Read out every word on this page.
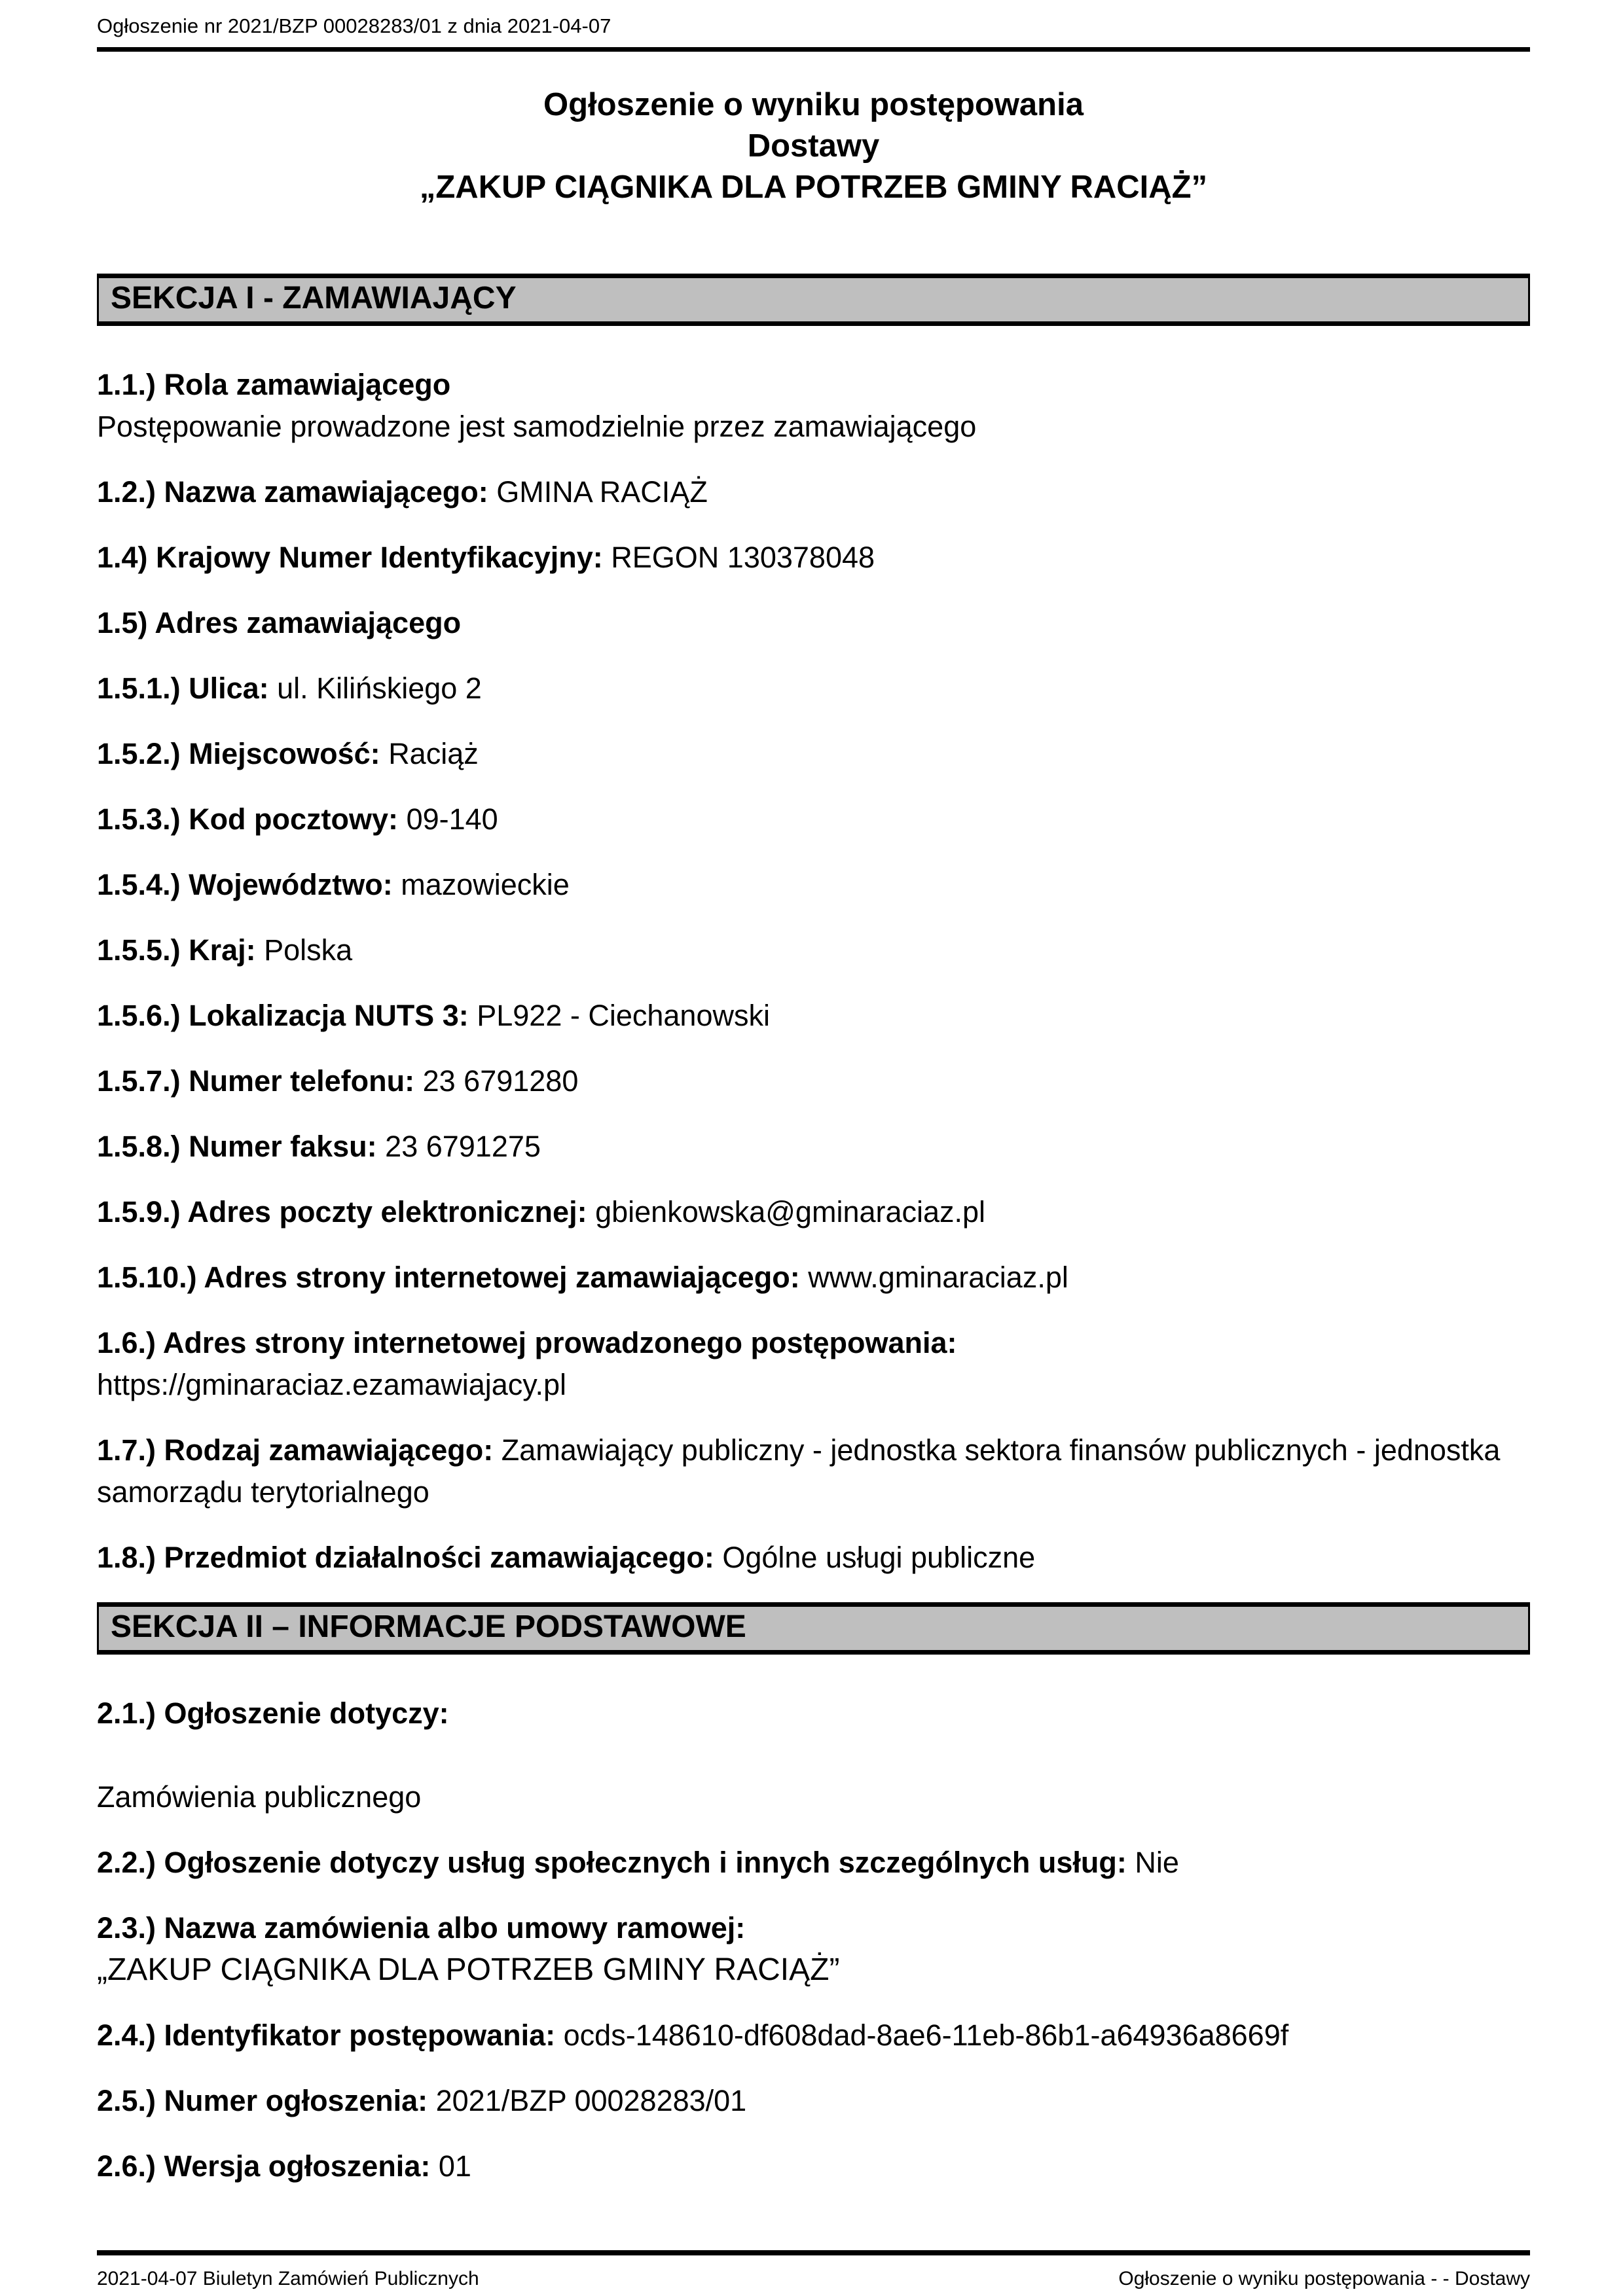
Ogłoszenie nr 2021/BZP 00028283/01 z dnia 2021-04-07
Ogłoszenie o wyniku postępowania
Dostawy
„ZAKUP CIĄGNIKA DLA POTRZEB GMINY RACIĄŻ”
SEKCJA I - ZAMAWIAJĄCY

1.1.) Rola zamawiającego
Postępowanie prowadzone jest samodzielnie przez zamawiającego

1.2.) Nazwa zamawiającego: GMINA RACIĄŻ

1.4) Krajowy Numer Identyfikacyjny: REGON 130378048

1.5) Adres zamawiającego

1.5.1.) Ulica: ul. Kilińskiego 2

1.5.2.) Miejscowość: Raciąż

1.5.3.) Kod pocztowy: 09-140

1.5.4.) Województwo: mazowieckie

1.5.5.) Kraj: Polska

1.5.6.) Lokalizacja NUTS 3: PL922 - Ciechanowski

1.5.7.) Numer telefonu: 23 6791280

1.5.8.) Numer faksu: 23 6791275

1.5.9.) Adres poczty elektronicznej: gbienkowska@gminaraciaz.pl

1.5.10.) Adres strony internetowej zamawiającego: www.gminaraciaz.pl

1.6.) Adres strony internetowej prowadzonego postępowania:
https://gminaraciaz.ezamawiajacy.pl

1.7.) Rodzaj zamawiającego: Zamawiający publiczny - jednostka sektora finansów publicznych - jednostka samorządu terytorialnego

1.8.) Przedmiot działalności zamawiającego: Ogólne usługi publiczne

SEKCJA II – INFORMACJE PODSTAWOWE

2.1.) Ogłoszenie dotyczy:
Zamówienia publicznego

2.2.) Ogłoszenie dotyczy usług społecznych i innych szczególnych usług: Nie

2.3.) Nazwa zamówienia albo umowy ramowej:
„ZAKUP CIĄGNIKA DLA POTRZEB GMINY RACIĄŻ”

2.4.) Identyfikator postępowania: ocds-148610-df608dad-8ae6-11eb-86b1-a64936a8669f

2.5.) Numer ogłoszenia: 2021/BZP 00028283/01

2.6.) Wersja ogłoszenia: 01

2021-04-07 Biuletyn Zamówień Publicznych	Ogłoszenie o wyniku postępowania - - Dostawy
